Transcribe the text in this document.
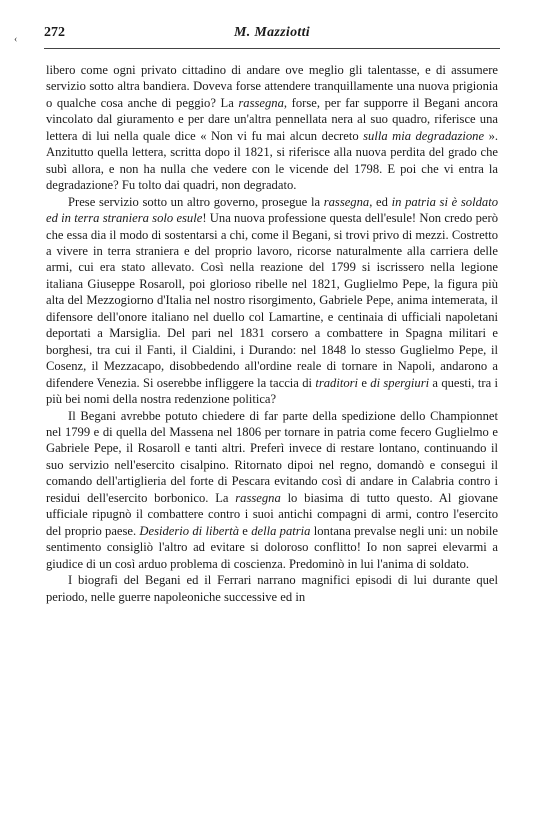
‹ 272	M. Mazziotti

libero come ogni privato cittadino di andare ove meglio gli talentasse, e di assumere servizio sotto altra bandiera. Doveva forse attendere tranquillamente una nuova prigionia o qualche cosa anche di peggio? La rassegna, forse, per far supporre il Begani ancora vincolato dal giuramento e per dare un'altra pennellata nera al suo quadro, riferisce una lettera di lui nella quale dice « Non vi fu mai alcun decreto sulla mia degradazione ». Anzitutto quella lettera, scritta dopo il 1821, si riferisce alla nuova perdita del grado che subì allora, e non ha nulla che vedere con le vicende del 1798. E poi che vi entra la degradazione? Fu tolto dai quadri, non degradato.

Prese servizio sotto un altro governo, prosegue la rassegna, ed in patria si è soldato ed in terra straniera solo esule! Una nuova professione questa dell'esule! Non credo però che essa dia il modo di sostentarsi a chi, come il Begani, si trovi privo di mezzi. Costretto a vivere in terra straniera e del proprio lavoro, ricorse naturalmente alla carriera delle armi, cui era stato allevato. Così nella reazione del 1799 si iscrissero nella legione italiana Giuseppe Rosaroll, poi glorioso ribelle nel 1821, Guglielmo Pepe, la figura più alta del Mezzogiorno d'Italia nel nostro risorgimento, Gabriele Pepe, anima intemerata, il difensore dell'onore italiano nel duello col Lamartine, e centinaia di ufficiali napoletani deportati a Marsiglia. Del pari nel 1831 corsero a combattere in Spagna militari e borghesi, tra cui il Fanti, il Cialdini, i Durando: nel 1848 lo stesso Guglielmo Pepe, il Cosenz, il Mezzacapo, disobbedendo all'ordine reale di tornare in Napoli, andarono a difendere Venezia. Si oserebbe infliggere la taccia di traditori e di spergiuri a questi, tra i più bei nomi della nostra redenzione politica?

Il Begani avrebbe potuto chiedere di far parte della spedizione dello Championnet nel 1799 e di quella del Massena nel 1806 per tornare in patria come fecero Guglielmo e Gabriele Pepe, il Rosaroll e tanti altri. Preferì invece di restare lontano, continuando il suo servizio nell'esercito cisalpino. Ritornato dipoi nel regno, domandò e consegui il comando dell'artiglieria del forte di Pescara evitando così di andare in Calabria contro i residui dell'esercito borbonico. La rassegna lo biasima di tutto questo. Al giovane ufficiale ripugnò il combattere contro i suoi antichi compagni di armi, contro l'esercito del proprio paese. Desiderio di libertà e della patria lontana prevalse negli uni: un nobile sentimento consigliò l'altro ad evitare si doloroso conflitto! Io non saprei elevarmi a giudice di un così arduo problema di coscienza. Predominò in lui l'anima di soldato.

I biografi del Begani ed il Ferrari narrano magnifici episodi di lui durante quel periodo, nelle guerre napoleoniche successive ed in
